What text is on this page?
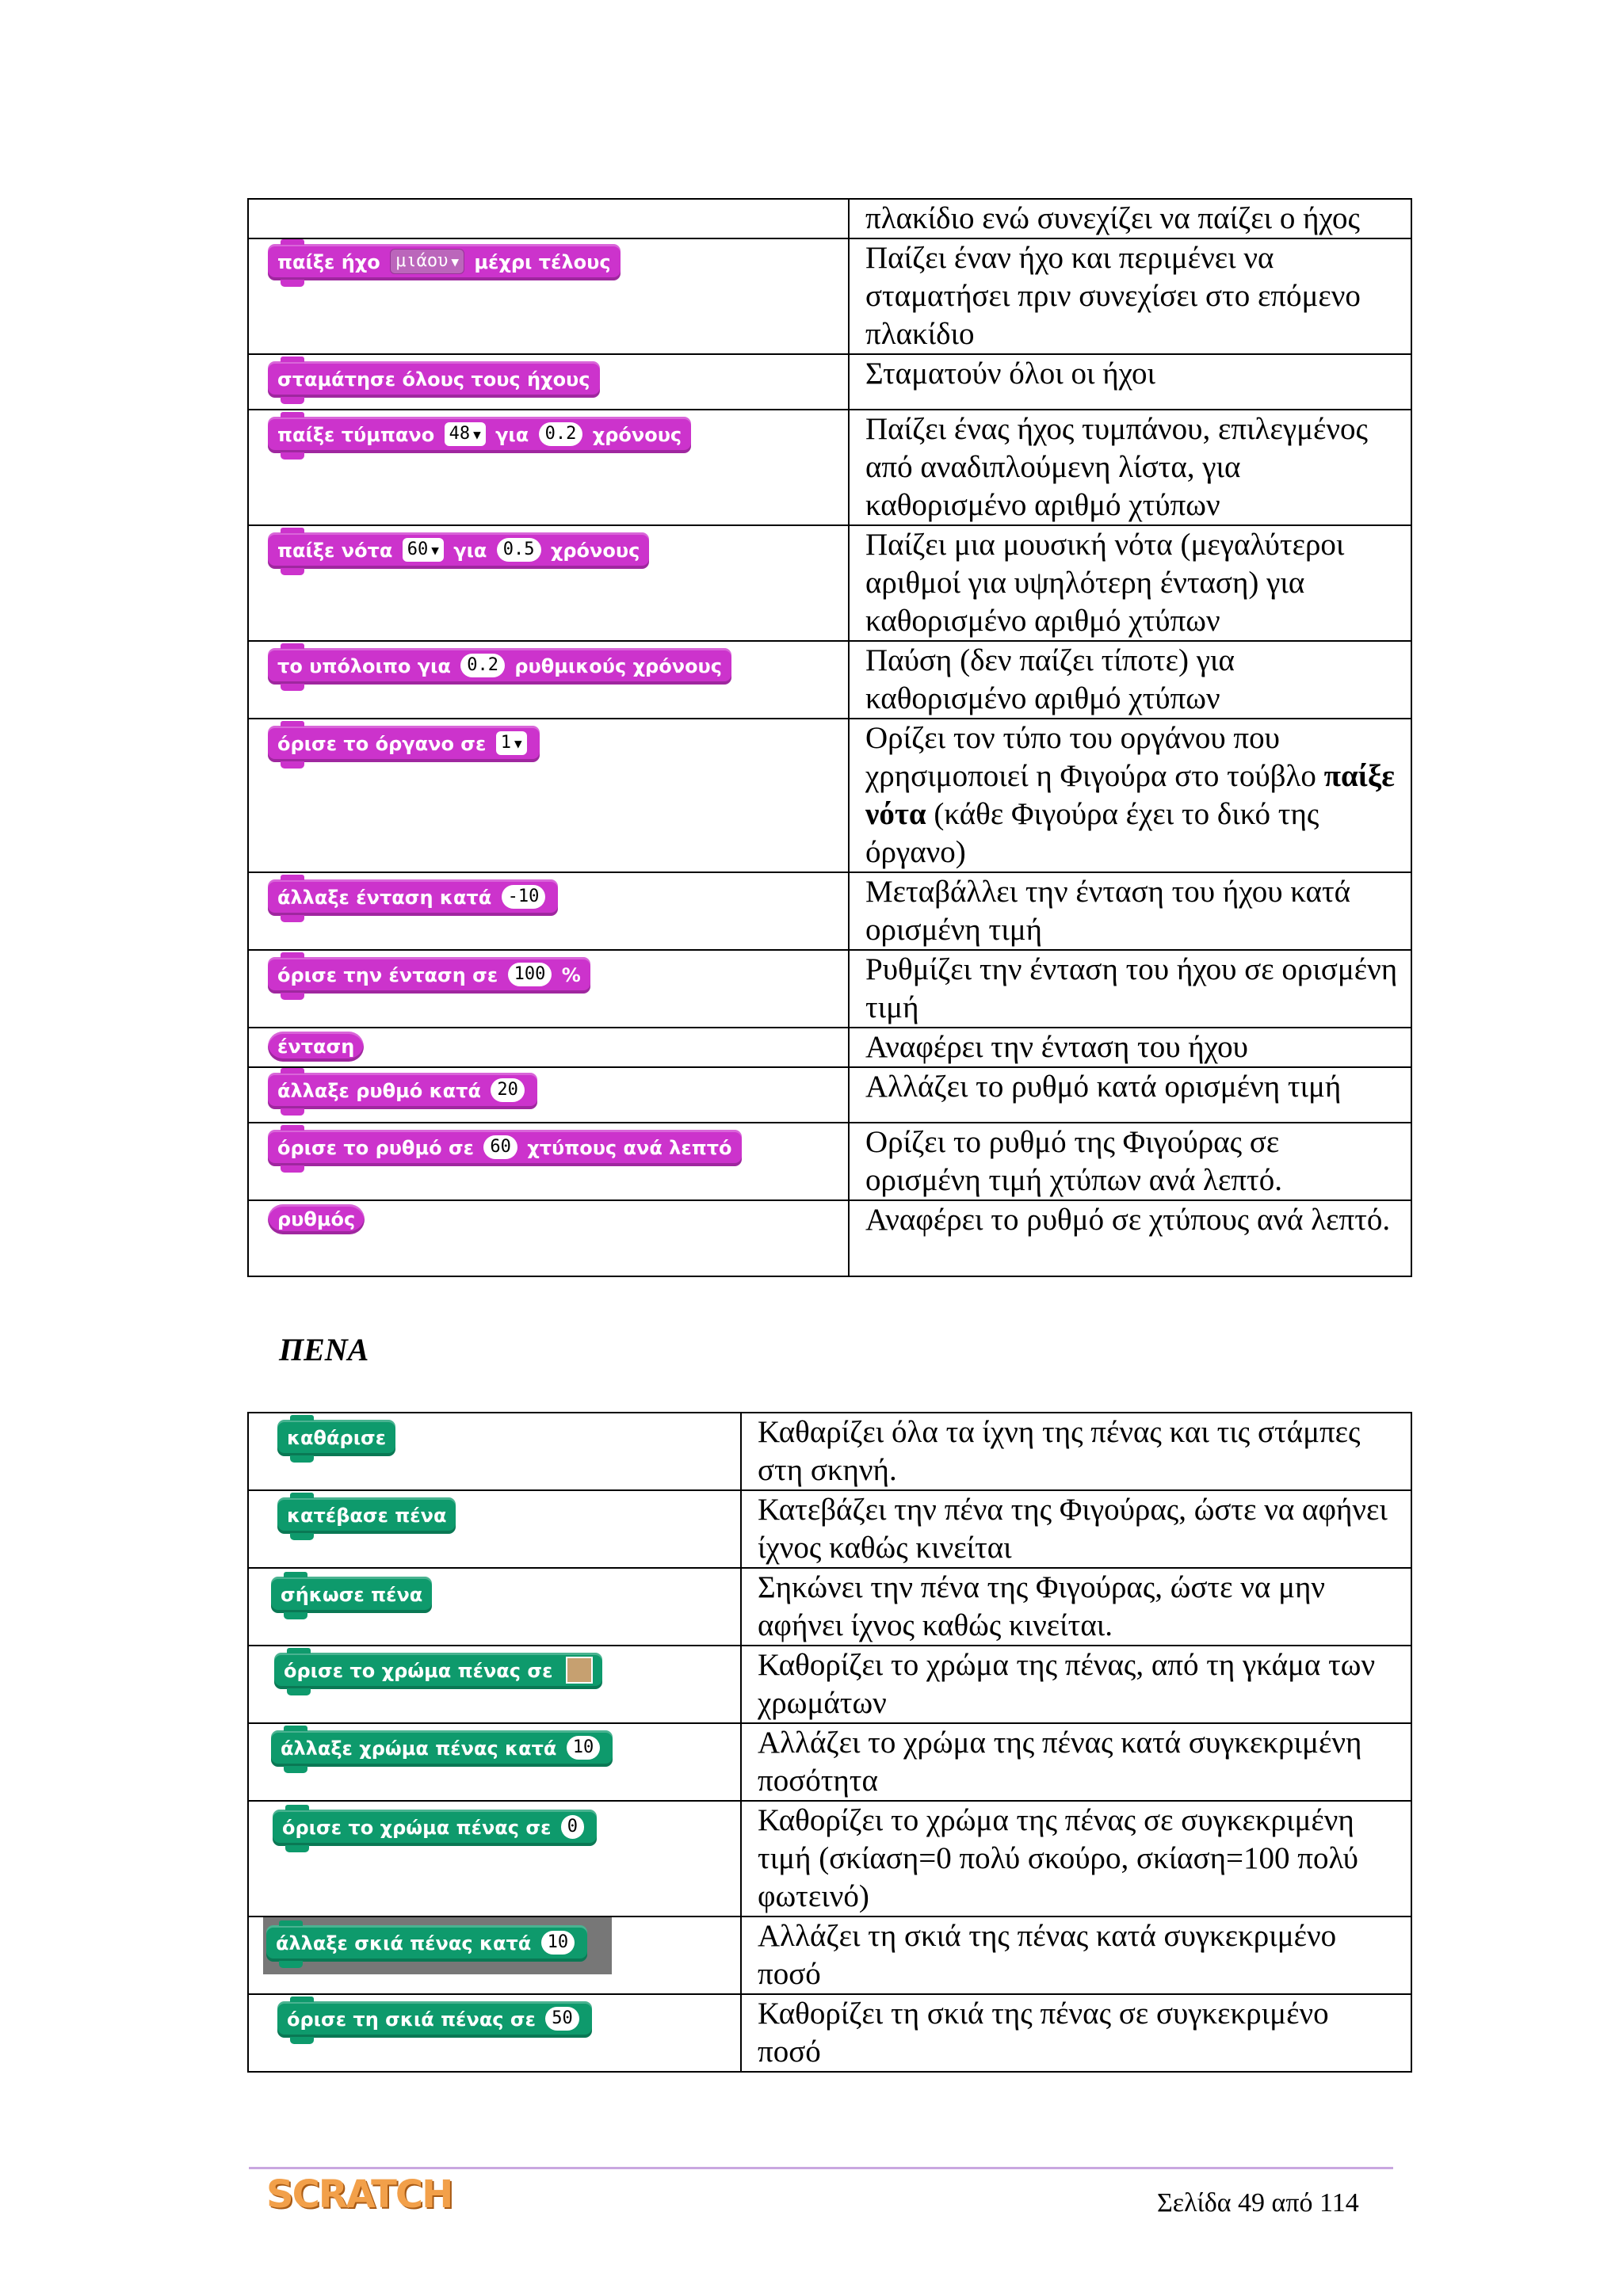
	πλακίδιο ενώ συνεχίζει να παίζει ο ήχος
παίξε ήχο μιάου ▼ μέχρι τέλους	Παίζει έναν ήχο και περιμένει να σταματήσει πριν συνεχίσει στο επόμενο πλακίδιο
σταμάτησε όλους τους ήχους	Σταματούν όλοι οι ήχοι
παίξε τύμπανο 48 ▼ για 0.2 χρόνους	Παίζει ένας ήχος τυμπάνου, επιλεγμένος από αναδιπλούμενη λίστα, για καθορισμένο αριθμό χτύπων
παίξε νότα 60 ▼ για 0.5 χρόνους	Παίζει μια μουσική νότα (μεγαλύτεροι αριθμοί για υψηλότερη ένταση) για καθορισμένο αριθμό χτύπων
το υπόλοιπο για 0.2 ρυθμικούς χρόνους	Παύση (δεν παίζει τίποτε) για καθορισμένο αριθμό χτύπων
όρισε το όργανο σε 1 ▼	Ορίζει τον τύπο του οργάνου που χρησιμοποιεί η Φιγούρα στο τούβλο παίξε νότα (κάθε Φιγούρα έχει το δικό της όργανο)
άλλαξε ένταση κατά -10	Μεταβάλλει την ένταση του ήχου κατά ορισμένη τιμή
όρισε την ένταση σε 100 %	Ρυθμίζει την ένταση του ήχου σε ορισμένη τιμή
ένταση	Αναφέρει την ένταση του ήχου
άλλαξε ρυθμό κατά 20	Αλλάζει το ρυθμό κατά ορισμένη τιμή
όρισε το ρυθμό σε 60 χτύπους ανά λεπτό	Ορίζει το ρυθμό της Φιγούρας σε ορισμένη τιμή χτύπων ανά λεπτό.
ρυθμός	Αναφέρει το ρυθμό σε χτύπους ανά λεπτό.
ΠΕΝΑ
καθάρισε	Καθαρίζει όλα τα ίχνη της πένας και τις στάμπες στη σκηνή.
κατέβασε πένα	Κατεβάζει την πένα της Φιγούρας, ώστε να αφήνει ίχνος καθώς κινείται
σήκωσε πένα	Σηκώνει την πένα της Φιγούρας, ώστε να μην αφήνει ίχνος καθώς κινείται.
όρισε το χρώμα πένας σε	Καθορίζει το χρώμα της πένας, από τη γκάμα των χρωμάτων
άλλαξε χρώμα πένας κατά 10	Αλλάζει το χρώμα της πένας κατά συγκεκριμένη ποσότητα
όρισε το χρώμα πένας σε 0	Καθορίζει το χρώμα της πένας σε συγκεκριμένη τιμή (σκίαση=0 πολύ σκούρο, σκίαση=100 πολύ φωτεινό)

άλλαξε σκιά πένας κατά 10	Αλλάζει τη σκιά της πένας κατά συγκεκριμένο ποσό
όρισε τη σκιά πένας σε 50	Καθορίζει τη σκιά της πένας σε συγκεκριμένο ποσό
SCRATCH	Σελίδα 49 από 114
